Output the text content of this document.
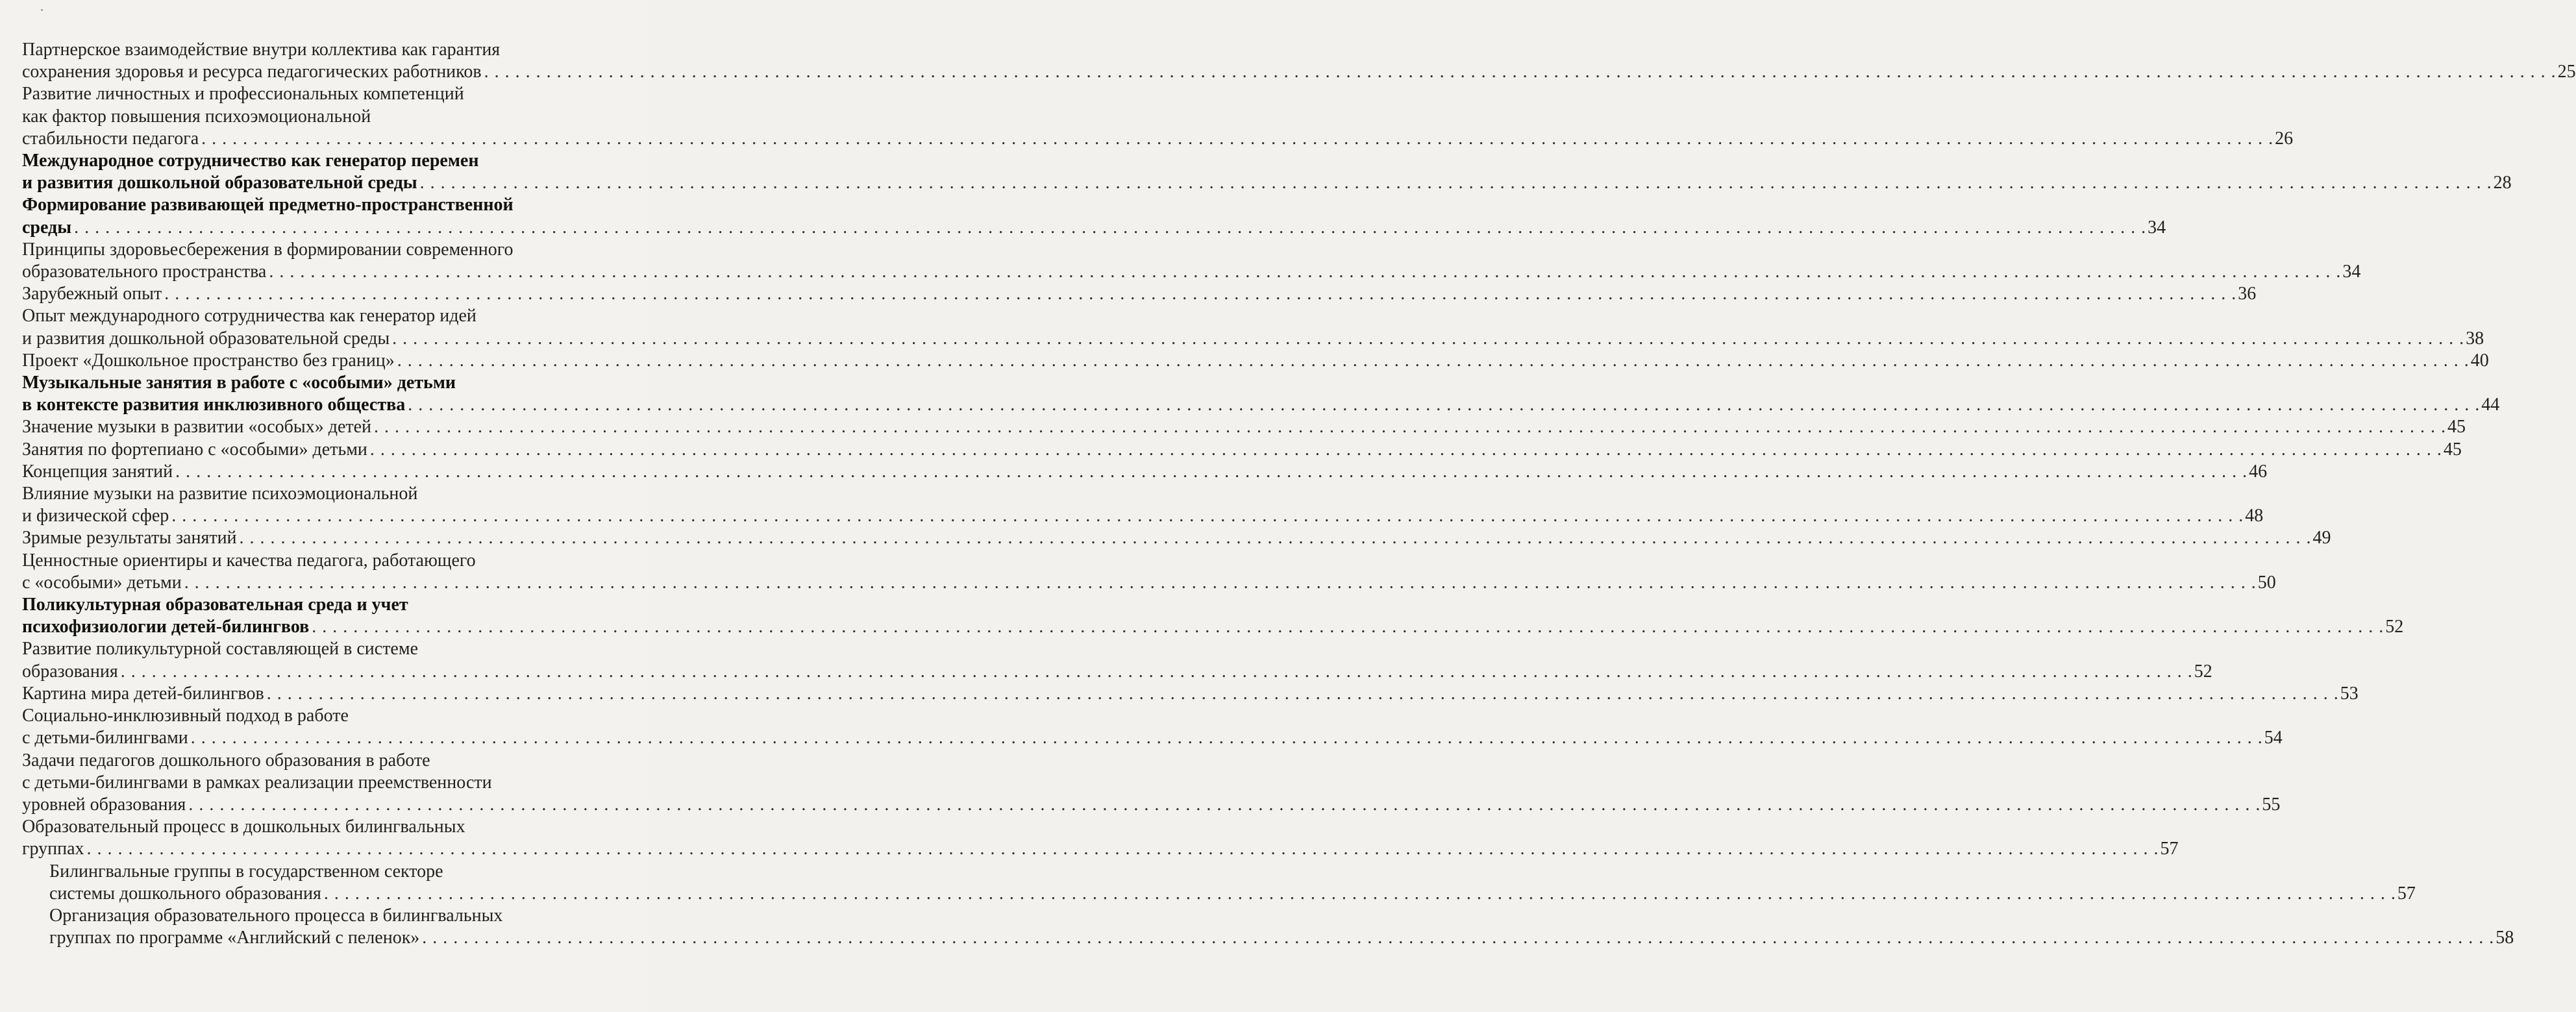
Партнерское взаимодействие внутри коллектива как гарантия
сохранения здоровья и ресурса педагогических работников . . . . . . . . . . . . . . . . . . . . . . . . . . . . . . . . . . . . . . . . . . . . . . . . . . . . . . . . . . . . . . . . . . . . . . . . . . . . . . . . . . . . . . . . . . . . . . . . . . . . . . . . . . . . . . . . . . . . . . . . . . . . . . . . . . . . . . . . . . . . . . . . . . . . . . . . . . . . . . . . . . . . . . . . . . . . . . . . . . . . . . . . . . . . . . . . . . . . . . . . 25
Развитие личностных и профессиональных компетенций
как фактор повышения психоэмоциональной
стабильности педагога . . . . . . . . . . . . . . . . . . . . . . . . . . . . . . . . . . . . . . . . . . . . . . . . . . . . . . . . . . . . . . . . . . . . . . . . . . . . . . . . . . . . . . . . . . . . . . . . . . . . . . . . . . . . . . . . . . . . . . . . . . . . . . . . . . . . . . . . . . . . . . . . . . . . . . . . . . . . . . . . . . . . . . . . . . . . . . . . . . . . . . . . . . . . . . . . . . . . . . . . 26
Международное сотрудничество как генератор перемен
и развития дошкольной образовательной среды . . . . . . . . . . . . . . . . . . . . . . . . . . . . . . . . . . . . . . . . . . . . . . . . . . . . . . . . . . . . . . . . . . . . . . . . . . . . . . . . . . . . . . . . . . . . . . . . . . . . . . . . . . . . . . . . . . . . . . . . . . . . . . . . . . . . . . . . . . . . . . . . . . . . . . . . . . . . . . . . . . . . . . . . . . . . . . . . . . . . . . . . . . . . . . . . . . . . . . . . 28
Формирование развивающей предметно-пространственной
среды . . . . . . . . . . . . . . . . . . . . . . . . . . . . . . . . . . . . . . . . . . . . . . . . . . . . . . . . . . . . . . . . . . . . . . . . . . . . . . . . . . . . . . . . . . . . . . . . . . . . . . . . . . . . . . . . . . . . . . . . . . . . . . . . . . . . . . . . . . . . . . . . . . . . . . . . . . . . . . . . . . . . . . . . . . . . . . . . . . . . . . . . . . . . . . . . . . . . . . . . 34
Принципы здоровьесбережения в формировании современного
образовательного пространства . . . . . . . . . . . . . . . . . . . . . . . . . . . . . . . . . . . . . . . . . . . . . . . . . . . . . . . . . . . . . . . . . . . . . . . . . . . . . . . . . . . . . . . . . . . . . . . . . . . . . . . . . . . . . . . . . . . . . . . . . . . . . . . . . . . . . . . . . . . . . . . . . . . . . . . . . . . . . . . . . . . . . . . . . . . . . . . . . . . . . . . . . . . . . . . . . . . . . . . . 34
Зарубежный опыт . . . . . . . . . . . . . . . . . . . . . . . . . . . . . . . . . . . . . . . . . . . . . . . . . . . . . . . . . . . . . . . . . . . . . . . . . . . . . . . . . . . . . . . . . . . . . . . . . . . . . . . . . . . . . . . . . . . . . . . . . . . . . . . . . . . . . . . . . . . . . . . . . . . . . . . . . . . . . . . . . . . . . . . . . . . . . . . . . . . . . . . . . . . . . . . . . . . . . . . . 36
Опыт международного сотрудничества как генератор идей
и развития дошкольной образовательной среды . . . . . . . . . . . . . . . . . . . . . . . . . . . . . . . . . . . . . . . . . . . . . . . . . . . . . . . . . . . . . . . . . . . . . . . . . . . . . . . . . . . . . . . . . . . . . . . . . . . . . . . . . . . . . . . . . . . . . . . . . . . . . . . . . . . . . . . . . . . . . . . . . . . . . . . . . . . . . . . . . . . . . . . . . . . . . . . . . . . . . . . . . . . . . . . . . . . . . . . . 38
Проект «Дошкольное пространство без границ» . . . . . . . . . . . . . . . . . . . . . . . . . . . . . . . . . . . . . . . . . . . . . . . . . . . . . . . . . . . . . . . . . . . . . . . . . . . . . . . . . . . . . . . . . . . . . . . . . . . . . . . . . . . . . . . . . . . . . . . . . . . . . . . . . . . . . . . . . . . . . . . . . . . . . . . . . . . . . . . . . . . . . . . . . . . . . . . . . . . . . . . . . . . . . . . . . . . . . . . . 40
Музыкальные занятия в работе с «особыми» детьми
в контексте развития инклюзивного общества . . . . . . . . . . . . . . . . . . . . . . . . . . . . . . . . . . . . . . . . . . . . . . . . . . . . . . . . . . . . . . . . . . . . . . . . . . . . . . . . . . . . . . . . . . . . . . . . . . . . . . . . . . . . . . . . . . . . . . . . . . . . . . . . . . . . . . . . . . . . . . . . . . . . . . . . . . . . . . . . . . . . . . . . . . . . . . . . . . . . . . . . . . . . . . . . . . . . . . . . 44
Значение музыки в развитии «особых» детей . . . . . . . . . . . . . . . . . . . . . . . . . . . . . . . . . . . . . . . . . . . . . . . . . . . . . . . . . . . . . . . . . . . . . . . . . . . . . . . . . . . . . . . . . . . . . . . . . . . . . . . . . . . . . . . . . . . . . . . . . . . . . . . . . . . . . . . . . . . . . . . . . . . . . . . . . . . . . . . . . . . . . . . . . . . . . . . . . . . . . . . . . . . . . . . . . . . . . . . . 45
Занятия по фортепиано с «особыми» детьми . . . . . . . . . . . . . . . . . . . . . . . . . . . . . . . . . . . . . . . . . . . . . . . . . . . . . . . . . . . . . . . . . . . . . . . . . . . . . . . . . . . . . . . . . . . . . . . . . . . . . . . . . . . . . . . . . . . . . . . . . . . . . . . . . . . . . . . . . . . . . . . . . . . . . . . . . . . . . . . . . . . . . . . . . . . . . . . . . . . . . . . . . . . . . . . . . . . . . . . . 45
Концепция занятий . . . . . . . . . . . . . . . . . . . . . . . . . . . . . . . . . . . . . . . . . . . . . . . . . . . . . . . . . . . . . . . . . . . . . . . . . . . . . . . . . . . . . . . . . . . . . . . . . . . . . . . . . . . . . . . . . . . . . . . . . . . . . . . . . . . . . . . . . . . . . . . . . . . . . . . . . . . . . . . . . . . . . . . . . . . . . . . . . . . . . . . . . . . . . . . . . . . . . . . . 46
Влияние музыки на развитие психоэмоциональной
и физической сфер . . . . . . . . . . . . . . . . . . . . . . . . . . . . . . . . . . . . . . . . . . . . . . . . . . . . . . . . . . . . . . . . . . . . . . . . . . . . . . . . . . . . . . . . . . . . . . . . . . . . . . . . . . . . . . . . . . . . . . . . . . . . . . . . . . . . . . . . . . . . . . . . . . . . . . . . . . . . . . . . . . . . . . . . . . . . . . . . . . . . . . . . . . . . . . . . . . . . . . . . 48
Зримые результаты занятий . . . . . . . . . . . . . . . . . . . . . . . . . . . . . . . . . . . . . . . . . . . . . . . . . . . . . . . . . . . . . . . . . . . . . . . . . . . . . . . . . . . . . . . . . . . . . . . . . . . . . . . . . . . . . . . . . . . . . . . . . . . . . . . . . . . . . . . . . . . . . . . . . . . . . . . . . . . . . . . . . . . . . . . . . . . . . . . . . . . . . . . . . . . . . . . . . . . . . . . . 49
Ценностные ориентиры и качества педагога, работающего
с «особыми» детьми . . . . . . . . . . . . . . . . . . . . . . . . . . . . . . . . . . . . . . . . . . . . . . . . . . . . . . . . . . . . . . . . . . . . . . . . . . . . . . . . . . . . . . . . . . . . . . . . . . . . . . . . . . . . . . . . . . . . . . . . . . . . . . . . . . . . . . . . . . . . . . . . . . . . . . . . . . . . . . . . . . . . . . . . . . . . . . . . . . . . . . . . . . . . . . . . . . . . . . . . 50
Поликультурная образовательная среда и учет
психофизиологии детей-билингвов . . . . . . . . . . . . . . . . . . . . . . . . . . . . . . . . . . . . . . . . . . . . . . . . . . . . . . . . . . . . . . . . . . . . . . . . . . . . . . . . . . . . . . . . . . . . . . . . . . . . . . . . . . . . . . . . . . . . . . . . . . . . . . . . . . . . . . . . . . . . . . . . . . . . . . . . . . . . . . . . . . . . . . . . . . . . . . . . . . . . . . . . . . . . . . . . . . . . . . . . 52
Развитие поликультурной составляющей в системе
образования . . . . . . . . . . . . . . . . . . . . . . . . . . . . . . . . . . . . . . . . . . . . . . . . . . . . . . . . . . . . . . . . . . . . . . . . . . . . . . . . . . . . . . . . . . . . . . . . . . . . . . . . . . . . . . . . . . . . . . . . . . . . . . . . . . . . . . . . . . . . . . . . . . . . . . . . . . . . . . . . . . . . . . . . . . . . . . . . . . . . . . . . . . . . . . . . . . . . . . . . 52
Картина мира детей-билингвов . . . . . . . . . . . . . . . . . . . . . . . . . . . . . . . . . . . . . . . . . . . . . . . . . . . . . . . . . . . . . . . . . . . . . . . . . . . . . . . . . . . . . . . . . . . . . . . . . . . . . . . . . . . . . . . . . . . . . . . . . . . . . . . . . . . . . . . . . . . . . . . . . . . . . . . . . . . . . . . . . . . . . . . . . . . . . . . . . . . . . . . . . . . . . . . . . . . . . . . . 53
Социально-инклюзивный подход в работе
с детьми-билингвами . . . . . . . . . . . . . . . . . . . . . . . . . . . . . . . . . . . . . . . . . . . . . . . . . . . . . . . . . . . . . . . . . . . . . . . . . . . . . . . . . . . . . . . . . . . . . . . . . . . . . . . . . . . . . . . . . . . . . . . . . . . . . . . . . . . . . . . . . . . . . . . . . . . . . . . . . . . . . . . . . . . . . . . . . . . . . . . . . . . . . . . . . . . . . . . . . . . . . . . . 54
Задачи педагогов дошкольного образования в работе
с детьми-билингвами в рамках реализации преемственности
уровней образования . . . . . . . . . . . . . . . . . . . . . . . . . . . . . . . . . . . . . . . . . . . . . . . . . . . . . . . . . . . . . . . . . . . . . . . . . . . . . . . . . . . . . . . . . . . . . . . . . . . . . . . . . . . . . . . . . . . . . . . . . . . . . . . . . . . . . . . . . . . . . . . . . . . . . . . . . . . . . . . . . . . . . . . . . . . . . . . . . . . . . . . . . . . . . . . . . . . . . . . . 55
Образовательный процесс в дошкольных билингвальных
группах . . . . . . . . . . . . . . . . . . . . . . . . . . . . . . . . . . . . . . . . . . . . . . . . . . . . . . . . . . . . . . . . . . . . . . . . . . . . . . . . . . . . . . . . . . . . . . . . . . . . . . . . . . . . . . . . . . . . . . . . . . . . . . . . . . . . . . . . . . . . . . . . . . . . . . . . . . . . . . . . . . . . . . . . . . . . . . . . . . . . . . . . . . . . . . . . . . . . . . . . 57
Билингвальные группы в государственном секторе
системы дошкольного образования . . . . . . . . . . . . . . . . . . . . . . . . . . . . . . . . . . . . . . . . . . . . . . . . . . . . . . . . . . . . . . . . . . . . . . . . . . . . . . . . . . . . . . . . . . . . . . . . . . . . . . . . . . . . . . . . . . . . . . . . . . . . . . . . . . . . . . . . . . . . . . . . . . . . . . . . . . . . . . . . . . . . . . . . . . . . . . . . . . . . . . . . . . . . . . . . . . . . . . . . 57
Организация образовательного процесса в билингвальных
группах по программе «Английский с пеленок» . . . . . . . . . . . . . . . . . . . . . . . . . . . . . . . . . . . . . . . . . . . . . . . . . . . . . . . . . . . . . . . . . . . . . . . . . . . . . . . . . . . . . . . . . . . . . . . . . . . . . . . . . . . . . . . . . . . . . . . . . . . . . . . . . . . . . . . . . . . . . . . . . . . . . . . . . . . . . . . . . . . . . . . . . . . . . . . . . . . . . . . . . . . . . . . . . . . . . . . . 58
